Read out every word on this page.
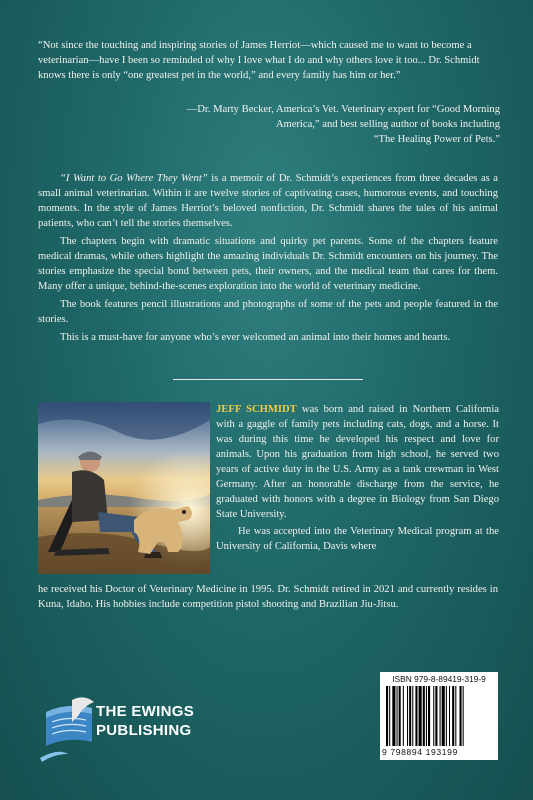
“Not since the touching and inspiring stories of James Herriot—which caused me to want to become a veterinarian—have I been so reminded of why I love what I do and why others love it too... Dr. Schmidt knows there is only “one greatest pet in the world,” and every family has him or her.”

—Dr. Marty Becker, America’s Vet. Veterinary expert for “Good Morning
America,” and best selling author of books including
“The Healing Power of Pets.”

“I Want to Go Where They Went” is a memoir of Dr. Schmidt’s experiences from three decades as a small animal veterinarian. Within it are twelve stories of captivating cases, humorous events, and touching moments. In the style of James Herriot’s beloved nonfiction, Dr. Schmidt shares the tales of his animal patients, who can’t tell the stories themselves.

The chapters begin with dramatic situations and quirky pet parents. Some of the chapters feature medical dramas, while others highlight the amazing individuals Dr. Schmidt encounters on his journey. The stories emphasize the special bond between pets, their owners, and the medical team that cares for them. Many offer a unique, behind-the-scenes exploration into the world of veterinary medicine.

The book features pencil illustrations and photographs of some of the pets and people featured in the stories.

This is a must-have for anyone who’s ever welcomed an animal into their homes and hearts.

JEFF SCHMIDT was born and raised in Northern California with a gaggle of family pets including cats, dogs, and a horse. It was during this time he developed his respect and love for animals. Upon his graduation from high school, he served two years of active duty in the U.S. Army as a tank crewman in West Germany. After an honorable discharge from the service, he graduated with honors with a degree in Biology from San Diego State University.

He was accepted into the Veterinary Medical program at the University of California, Davis where

he received his Doctor of Veterinary Medicine in 1995. Dr. Schmidt retired in 2021 and currently resides in Kuna, Idaho. His hobbies include competition pistol shooting and Brazilian Jiu-Jitsu.

THE EWINGS
PUBLISHING
ISBN 979-8-89419-319-9
9 798894 193199
